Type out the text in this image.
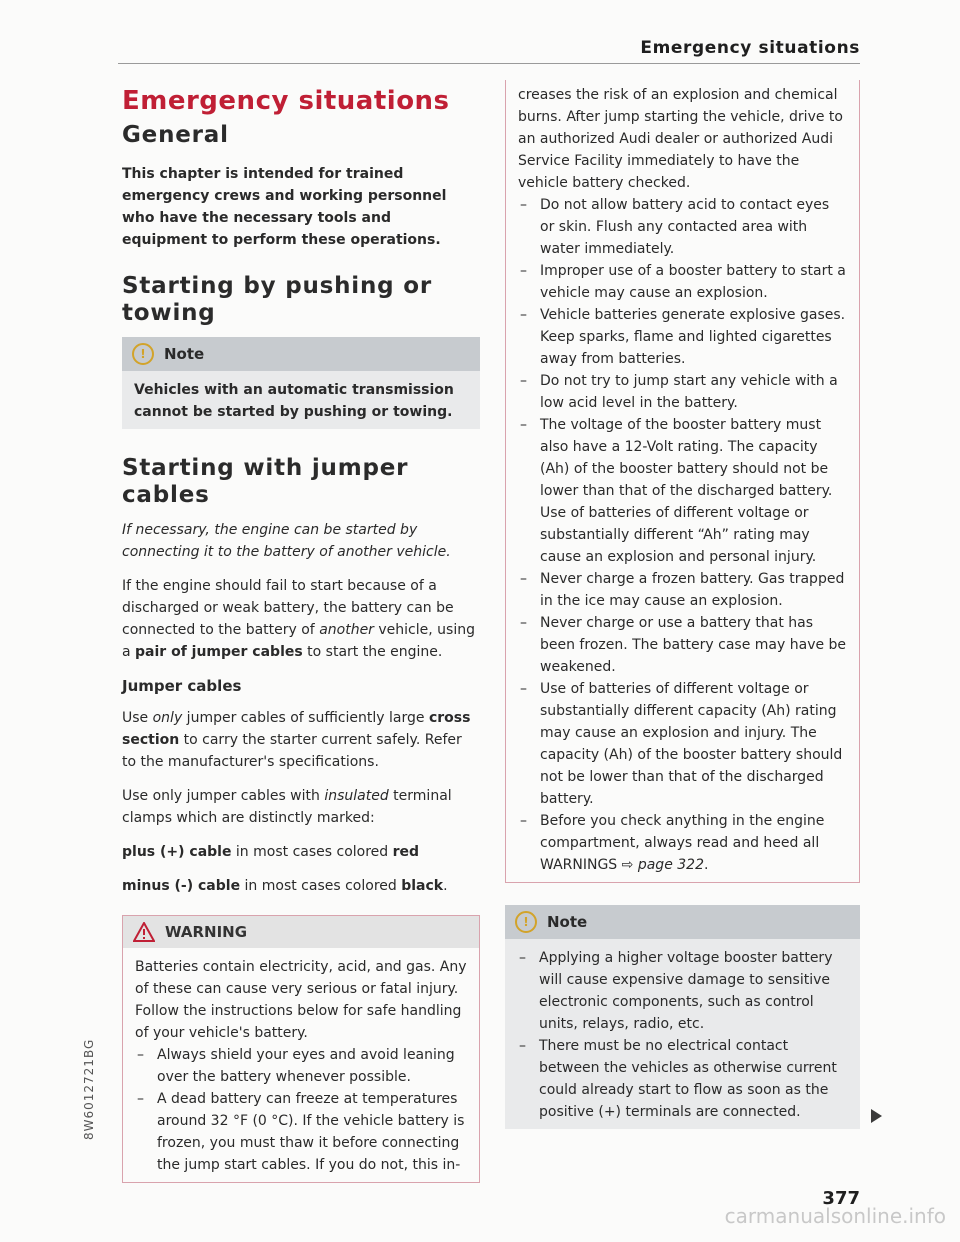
Emergency situations
Emergency situations
General

This chapter is intended for trained emergency crews and working personnel who have the necessary tools and equipment to perform these operations.

Starting by pushing or towing
!	Note

Vehicles with an automatic transmission cannot be started by pushing or towing.

Starting with jumper cables

If necessary, the engine can be started by connecting it to the battery of another vehicle.

If the engine should fail to start because of a discharged or weak battery, the battery can be connected to the battery of another vehicle, using a pair of jumper cables to start the engine.

Jumper cables

Use only jumper cables of sufficiently large cross section to carry the starter current safely. Refer to the manufacturer's specifications.

Use only jumper cables with insulated terminal clamps which are distinctly marked:

plus (+) cable in most cases colored red

minus (-) cable in most cases colored black.

WARNING

Batteries contain electricity, acid, and gas. Any of these can cause very serious or fatal injury. Follow the instructions below for safe handling of your vehicle's battery.

– Always shield your eyes and avoid leaning over the battery whenever possible.
– A dead battery can freeze at temperatures around 32 °F (0 °C). If the vehicle battery is frozen, you must thaw it before connecting the jump start cables. If you do not, this in-

creases the risk of an explosion and chemical burns. After jump starting the vehicle, drive to an authorized Audi dealer or authorized Audi Service Facility immediately to have the vehicle battery checked.

– Do not allow battery acid to contact eyes or skin. Flush any contacted area with water immediately.
– Improper use of a booster battery to start a vehicle may cause an explosion.
– Vehicle batteries generate explosive gases. Keep sparks, flame and lighted cigarettes away from batteries.
– Do not try to jump start any vehicle with a low acid level in the battery.
– The voltage of the booster battery must also have a 12-Volt rating. The capacity (Ah) of the booster battery should not be lower than that of the discharged battery. Use of batteries of different voltage or substantially different “Ah” rating may cause an explosion and personal injury.
– Never charge a frozen battery. Gas trapped in the ice may cause an explosion.
– Never charge or use a battery that has been frozen. The battery case may have be weakened.
– Use of batteries of different voltage or substantially different capacity (Ah) rating may cause an explosion and injury. The capacity (Ah) of the booster battery should not be lower than that of the discharged battery.
– Before you check anything in the engine compartment, always read and heed all WARNINGS ⇨ page 322.
!	Note
– Applying a higher voltage booster battery will cause expensive damage to sensitive electronic components, such as control units, relays, radio, etc.
– There must be no electrical contact between the vehicles as otherwise current could already start to flow as soon as the positive (+) terminals are connected.
8W6012721BG
377
carmanualsonline.info
